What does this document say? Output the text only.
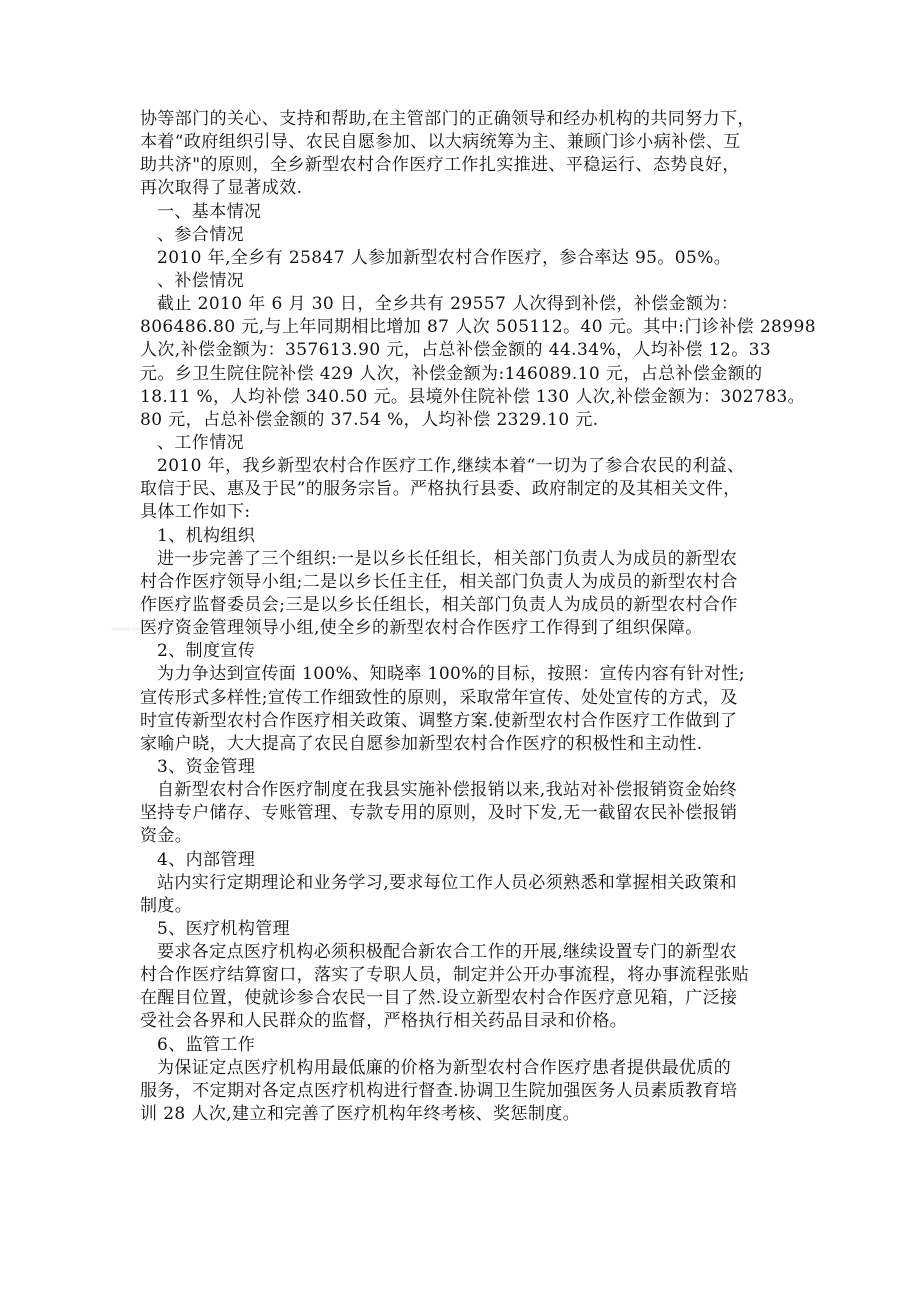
协等部门的关心、支持和帮助,在主管部门的正确领导和经办机构的共同努力下，
本着“政府组织引导、农民自愿参加、以大病统筹为主、兼顾门诊小病补偿、互
助共济"的原则，全乡新型农村合作医疗工作扎实推进、平稳运行、态势良好，
再次取得了显著成效.
一、基本情况
、参合情况
2010 年,全乡有 25847 人参加新型农村合作医疗，参合率达 95。05%。
、补偿情况
截止 2010 年 6 月 30 日，全乡共有 29557 人次得到补偿，补偿金额为：
806486.80 元,与上年同期相比增加 87 人次 505112。40 元。其中:门诊补偿 28998
人次,补偿金额为：357613.90 元，占总补偿金额的 44.34%，人均补偿 12。33
元。乡卫生院住院补偿 429 人次，补偿金额为:146089.10 元，占总补偿金额的
18.11 %，人均补偿 340.50 元。县境外住院补偿 130 人次,补偿金额为：302783。
80 元，占总补偿金额的 37.54 %，人均补偿 2329.10 元.
、工作情况
2010 年，我乡新型农村合作医疗工作,继续本着“一切为了参合农民的利益、
取信于民、惠及于民”的服务宗旨。严格执行县委、政府制定的及其相关文件，
具体工作如下:
1、机构组织
进一步完善了三个组织:一是以乡长任组长，相关部门负责人为成员的新型农
村合作医疗领导小组;二是以乡长任主任，相关部门负责人为成员的新型农村合
作医疗监督委员会;三是以乡长任组长，相关部门负责人为成员的新型农村合作
医疗资金管理领导小组,使全乡的新型农村合作医疗工作得到了组织保障。
2、制度宣传
为力争达到宣传面 100%、知晓率 100%的目标，按照：宣传内容有针对性;
宣传形式多样性;宣传工作细致性的原则，采取常年宣传、处处宣传的方式，及
时宣传新型农村合作医疗相关政策、调整方案.使新型农村合作医疗工作做到了
家喻户晓，大大提高了农民自愿参加新型农村合作医疗的积极性和主动性.
3、资金管理
自新型农村合作医疗制度在我县实施补偿报销以来,我站对补偿报销资金始终
坚持专户储存、专账管理、专款专用的原则，及时下发,无一截留农民补偿报销
资金。
4、内部管理
站内实行定期理论和业务学习,要求每位工作人员必须熟悉和掌握相关政策和
制度。
5、医疗机构管理
要求各定点医疗机构必须积极配合新农合工作的开展,继续设置专门的新型农
村合作医疗结算窗口，落实了专职人员，制定并公开办事流程，将办事流程张贴
在醒目位置，使就诊参合农民一目了然.设立新型农村合作医疗意见箱，广泛接
受社会各界和人民群众的监督，严格执行相关药品目录和价格。
6、监管工作
为保证定点医疗机构用最低廉的价格为新型农村合作医疗患者提供最优质的
服务，不定期对各定点医疗机构进行督查.协调卫生院加强医务人员素质教育培
训 28 人次,建立和完善了医疗机构年终考核、奖惩制度。
